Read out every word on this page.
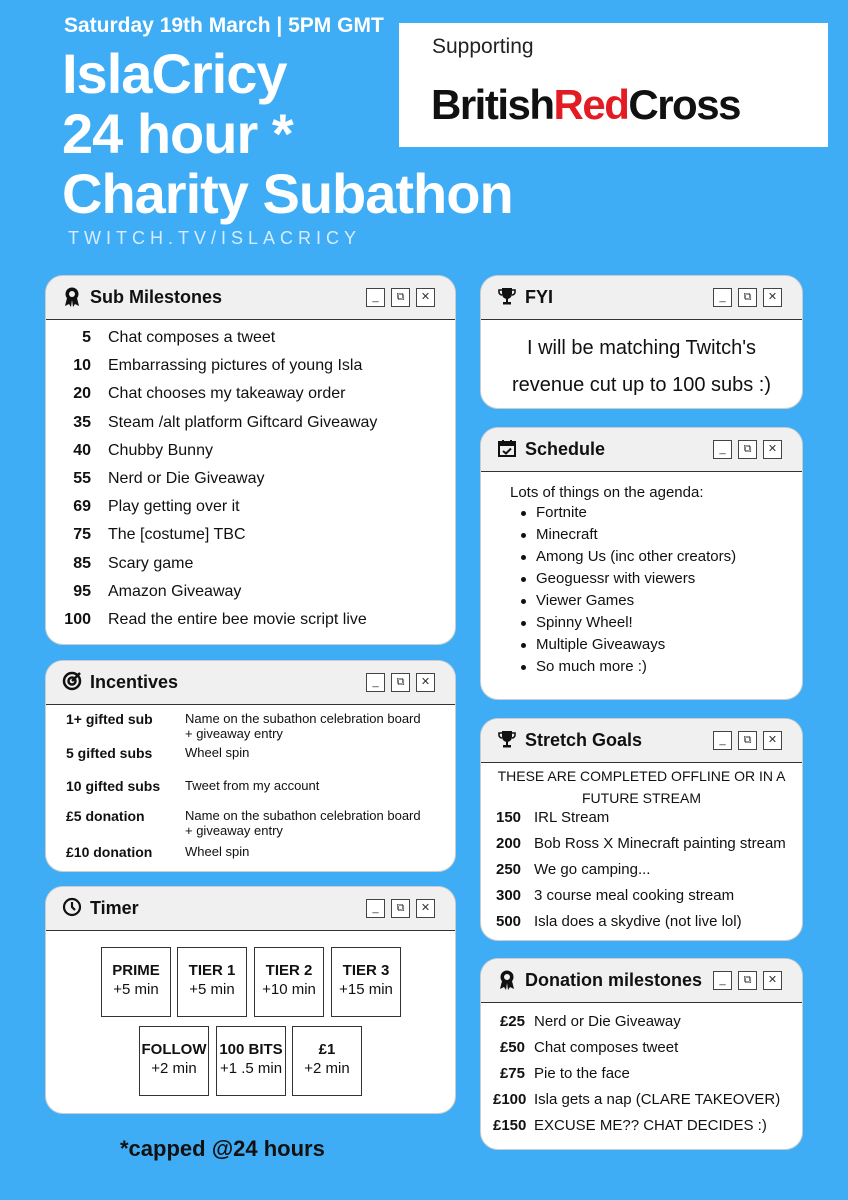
Saturday 19th March | 5PM GMT
IslaCricy
24 hour *
Charity Subathon
TWITCH.TV/ISLACRICY
Supporting
BritishRedCross
Sub Milestones	_	⧉	✕
5 Chat composes a tweet
10 Embarrassing pictures of young Isla
20 Chat chooses my takeaway order
35 Steam /alt platform Giftcard Giveaway
40 Chubby Bunny
55 Nerd or Die Giveaway
69 Play getting over it
75 The [costume] TBC
85 Scary game
95 Amazon Giveaway
100 Read the entire bee movie script live
Incentives	_	⧉	✕
1+ gifted sub Name on the subathon celebration board
+ giveaway entry
5 gifted subs	Wheel spin
10 gifted subs Tweet from my account
£5 donation	Name on the subathon celebration board
+ giveaway entry
£10 donation	Wheel spin
Timer	_	⧉	✕
PRIME
+5 min
TIER 1
+5 min
TIER 2
+10 min
TIER 3
+15 min
FOLLOW
+2 min
100 BITS
+1 .5 min
£1
+2 min
*capped @24 hours
FYI	_	⧉	✕
I will be matching Twitch's
revenue cut up to 100 subs :)
Schedule	_	⧉	✕
Lots of things on the agenda:
Fortnite
Minecraft
Among Us (inc other creators)
Geoguessr with viewers
Viewer Games
Spinny Wheel!
Multiple Giveaways
So much more :)
Stretch Goals	_	⧉	✕
THESE ARE COMPLETED OFFLINE OR IN A
FUTURE STREAM
150 IRL Stream
200 Bob Ross X Minecraft painting stream
250 We go camping...
300 3 course meal cooking stream
500 Isla does a skydive (not live lol)
Donation milestones	_	⧉	✕
£25 Nerd or Die Giveaway
£50 Chat composes tweet
£75 Pie to the face
£100 Isla gets a nap (CLARE TAKEOVER)
£150 EXCUSE ME?? CHAT DECIDES :)
